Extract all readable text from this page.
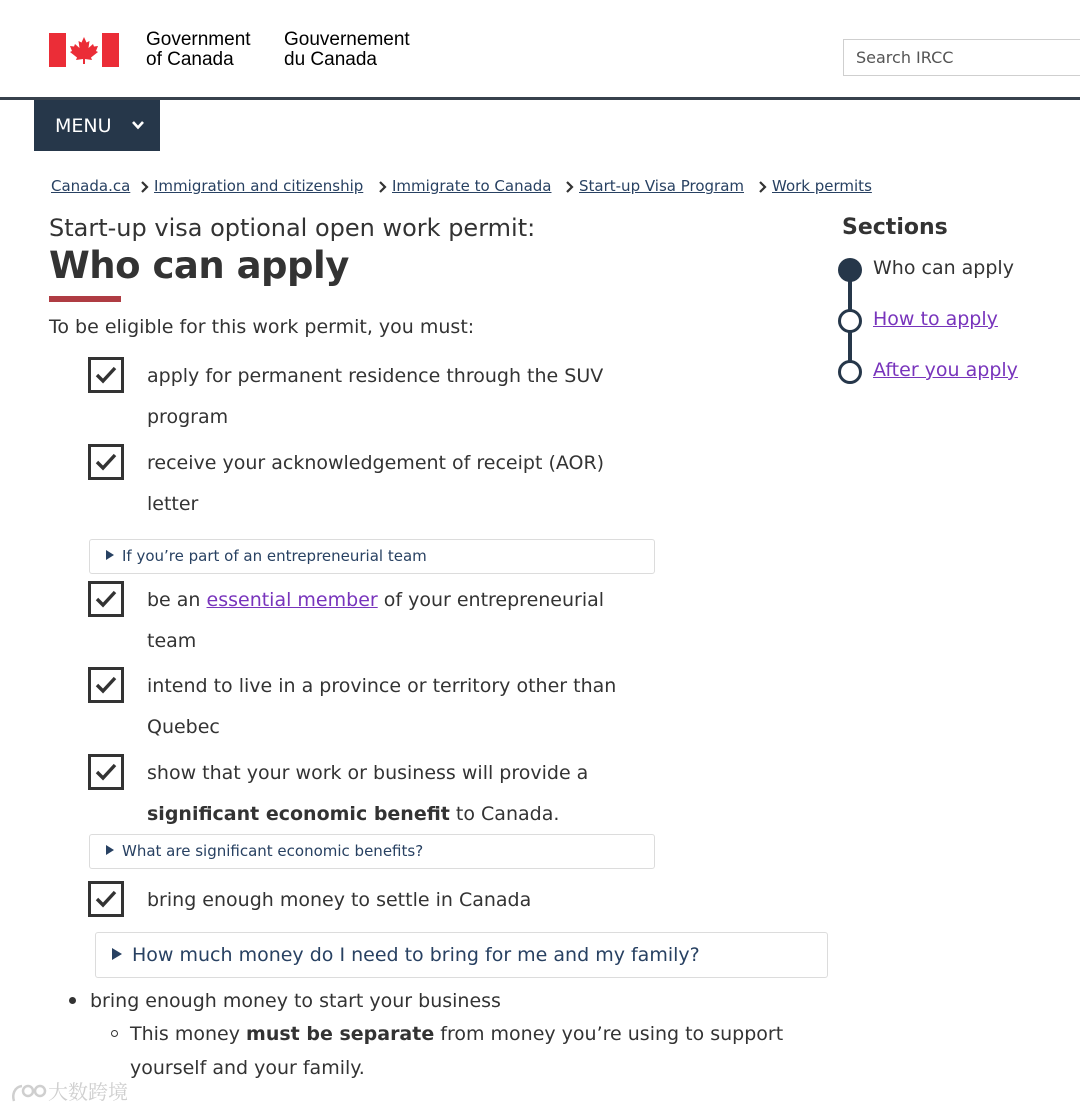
Government
of Canada
Gouvernement
du Canada
Search IRCC
MENU
Canada.ca Immigration and citizenship Immigrate to Canada Start-up Visa Program Work permits
Start-up visa optional open work permit:
Who can apply
To be eligible for this work permit, you must:
apply for permanent residence through the SUV
program
receive your acknowledgement of receipt (AOR)
letter
If you’re part of an entrepreneurial team
be an essential member of your entrepreneurial
team
intend to live in a province or territory other than
Quebec
show that your work or business will provide a
significant economic benefit to Canada.
What are significant economic benefits?
bring enough money to settle in Canada
How much money do I need to bring for me and my family?
bring enough money to start your business
This money must be separate from money you’re using to support
yourself and your family.
Sections
Who can apply
How to apply
After you apply
大数跨境
